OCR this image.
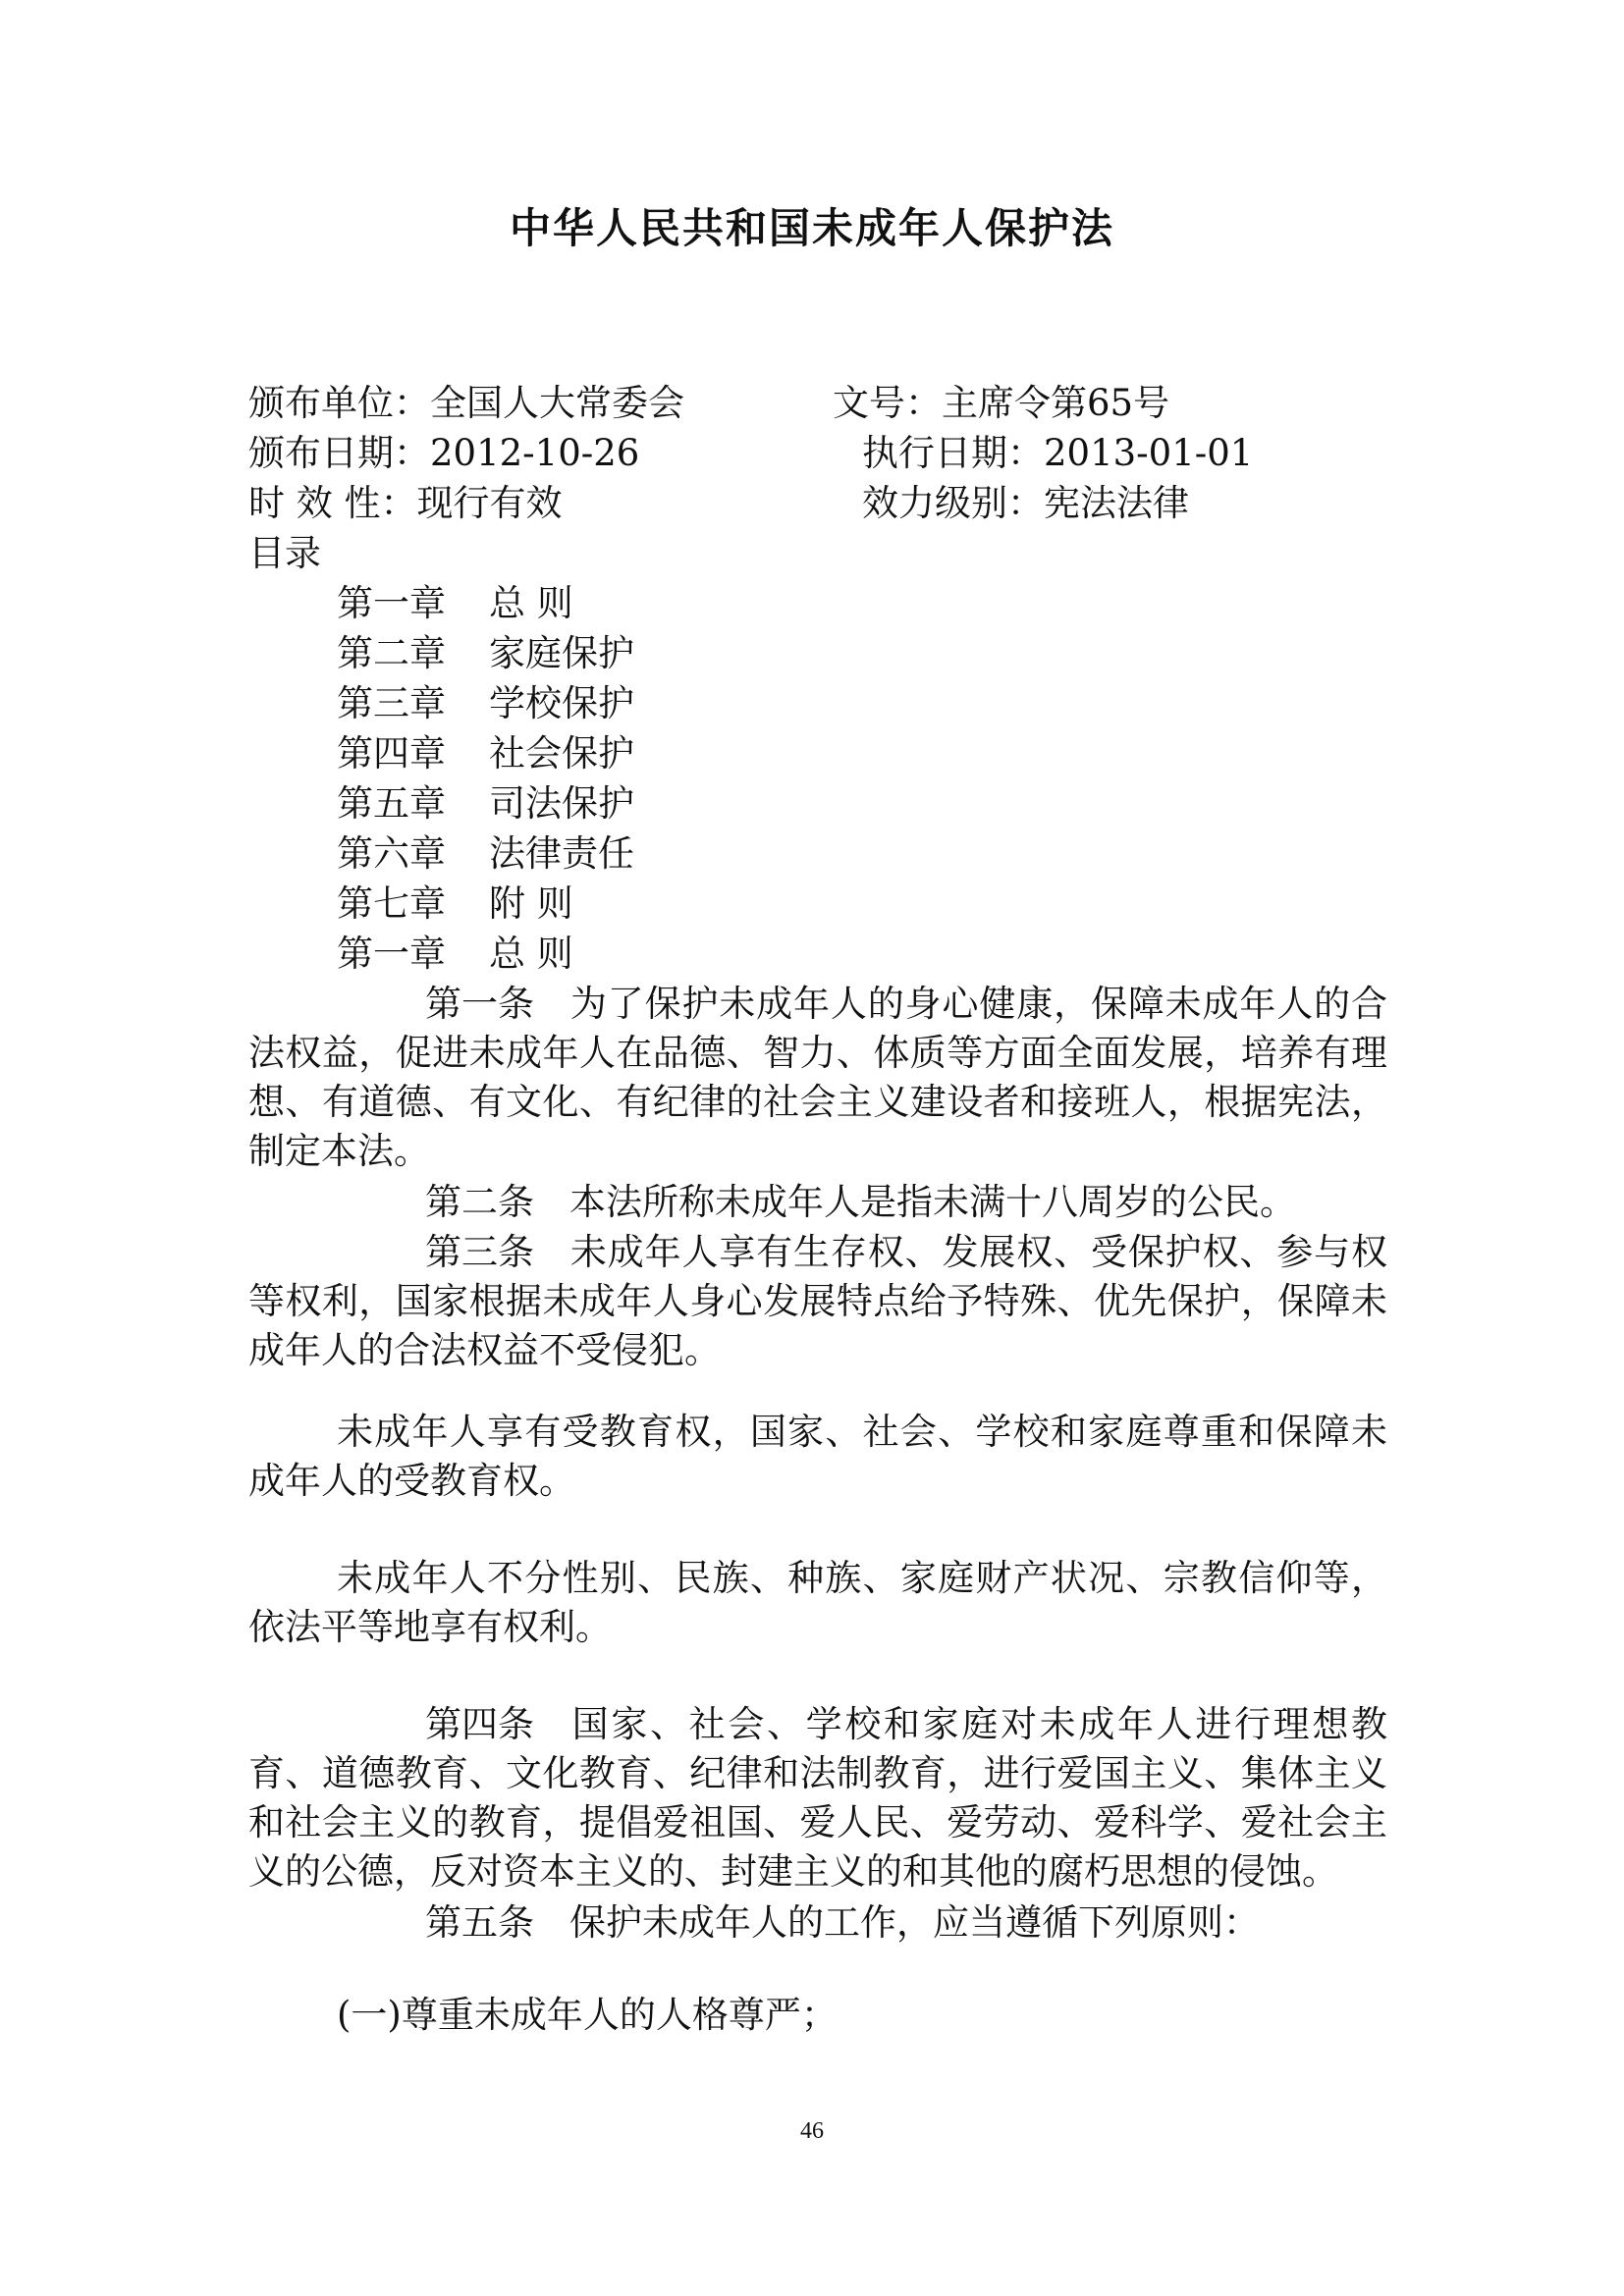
中华人民共和国未成年人保护法
颁布单位：全国人大常委会	文号：主席令第65号
颁布日期：2012-10-26	执行日期：2013-01-01
时 效 性：现行有效	效力级别：宪法法律
目录
第一章 总 则
第二章 家庭保护
第三章 学校保护
第四章 社会保护
第五章 司法保护
第六章 法律责任
第七章 附 则
第一章 总 则
第一条 为了保护未成年人的身心健康，保障未成年人的合法权益，促进未成年人在品德、智力、体质等方面全面发展，培养有理想、有道德、有文化、有纪律的社会主义建设者和接班人，根据宪法，制定本法。
第二条 本法所称未成年人是指未满十八周岁的公民。
第三条 未成年人享有生存权、发展权、受保护权、参与权等权利，国家根据未成年人身心发展特点给予特殊、优先保护，保障未成年人的合法权益不受侵犯。
未成年人享有受教育权，国家、社会、学校和家庭尊重和保障未成年人的受教育权。
未成年人不分性别、民族、种族、家庭财产状况、宗教信仰等，依法平等地享有权利。
第四条 国家、社会、学校和家庭对未成年人进行理想教育、道德教育、文化教育、纪律和法制教育，进行爱国主义、集体主义和社会主义的教育，提倡爱祖国、爱人民、爱劳动、爱科学、爱社会主义的公德，反对资本主义的、封建主义的和其他的腐朽思想的侵蚀。
第五条 保护未成年人的工作，应当遵循下列原则：
(一)尊重未成年人的人格尊严；
46
